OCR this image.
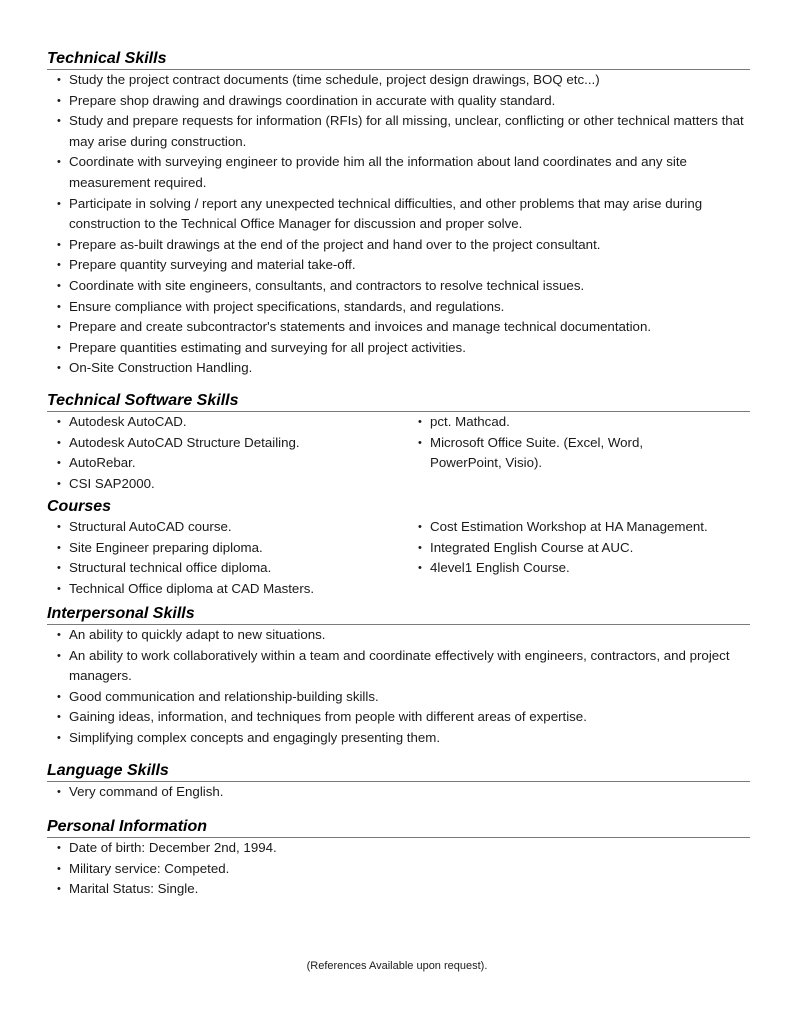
Technical Skills
• Study the project contract documents (time schedule, project design drawings, BOQ etc...)
• Prepare shop drawing and drawings coordination in accurate with quality standard.
• Study and prepare requests for information (RFIs) for all missing, unclear, conflicting or other technical matters that may arise during construction.
• Coordinate with surveying engineer to provide him all the information about land coordinates and any site measurement required.
• Participate in solving / report any unexpected technical difficulties, and other problems that may arise during construction to the Technical Office Manager for discussion and proper solve.
• Prepare as-built drawings at the end of the project and hand over to the project consultant.
• Prepare quantity surveying and material take-off.
• Coordinate with site engineers, consultants, and contractors to resolve technical issues.
• Ensure compliance with project specifications, standards, and regulations.
• Prepare and create subcontractor's statements and invoices and manage technical documentation.
• Prepare quantities estimating and surveying for all project activities.
• On-Site Construction Handling.
Technical Software Skills
• Autodesk AutoCAD.
• Autodesk AutoCAD Structure Detailing.
• AutoRebar.
• CSI SAP2000.
• pct. Mathcad.
• Microsoft Office Suite. (Excel, Word, PowerPoint, Visio).
Courses
• Structural AutoCAD course.
• Site Engineer preparing diploma.
• Structural technical office diploma.
• Technical Office diploma at CAD Masters.
• Cost Estimation Workshop at HA Management.
• Integrated English Course at AUC.
• 4level1 English Course.
Interpersonal Skills
• An ability to quickly adapt to new situations.
• An ability to work collaboratively within a team and coordinate effectively with engineers, contractors, and project managers.
• Good communication and relationship-building skills.
• Gaining ideas, information, and techniques from people with different areas of expertise.
• Simplifying complex concepts and engagingly presenting them.
Language Skills
• Very command of English.
Personal Information
• Date of birth: December 2nd, 1994.
• Military service: Competed.
• Marital Status: Single.
(References Available upon request).
